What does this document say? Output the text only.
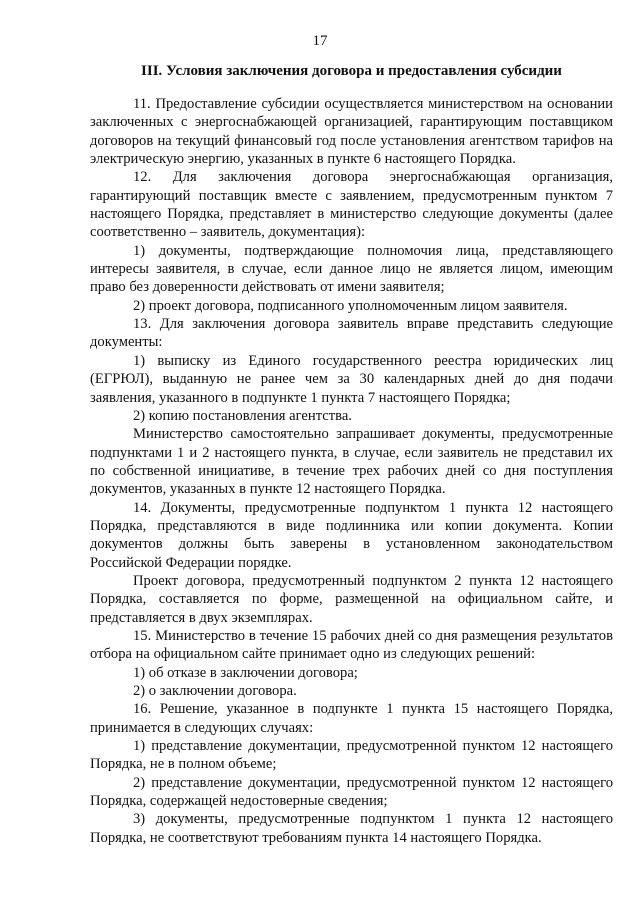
17
III. Условия заключения договора и предоставления субсидии

11. Предоставление субсидии осуществляется министерством на основании заключенных с энергоснабжающей организацией, гарантирующим поставщиком договоров на текущий финансовый год после установления агентством тарифов на электрическую энергию, указанных в пункте 6 настоящего Порядка.

12. Для заключения договора энергоснабжающая организация, гарантирующий поставщик вместе с заявлением, предусмотренным пунктом 7 настоящего Порядка, представляет в министерство следующие документы (далее соответственно – заявитель, документация):

1) документы, подтверждающие полномочия лица, представляющего интересы заявителя, в случае, если данное лицо не является лицом, имеющим право без доверенности действовать от имени заявителя;

2) проект договора, подписанного уполномоченным лицом заявителя.

13. Для заключения договора заявитель вправе представить следующие документы:

1) выписку из Единого государственного реестра юридических лиц (ЕГРЮЛ), выданную не ранее чем за 30 календарных дней до дня подачи заявления, указанного в подпункте 1 пункта 7 настоящего Порядка;

2) копию постановления агентства.

Министерство самостоятельно запрашивает документы, предусмотренные подпунктами 1 и 2 настоящего пункта, в случае, если заявитель не представил их по собственной инициативе, в течение трех рабочих дней со дня поступления документов, указанных в пункте 12 настоящего Порядка.

14. Документы, предусмотренные подпунктом 1 пункта 12 настоящего Порядка, представляются в виде подлинника или копии документа. Копии документов должны быть заверены в установленном законодательством Российской Федерации порядке.

Проект договора, предусмотренный подпунктом 2 пункта 12 настоящего Порядка, составляется по форме, размещенной на официальном сайте, и представляется в двух экземплярах.

15. Министерство в течение 15 рабочих дней со дня размещения результатов отбора на официальном сайте принимает одно из следующих решений:

1) об отказе в заключении договора;

2) о заключении договора.

16. Решение, указанное в подпункте 1 пункта 15 настоящего Порядка, принимается в следующих случаях:

1) представление документации, предусмотренной пунктом 12 настоящего Порядка, не в полном объеме;

2) представление документации, предусмотренной пунктом 12 настоящего Порядка, содержащей недостоверные сведения;

3) документы, предусмотренные подпунктом 1 пункта 12 настоящего Порядка, не соответствуют требованиям пункта 14 настоящего Порядка.
